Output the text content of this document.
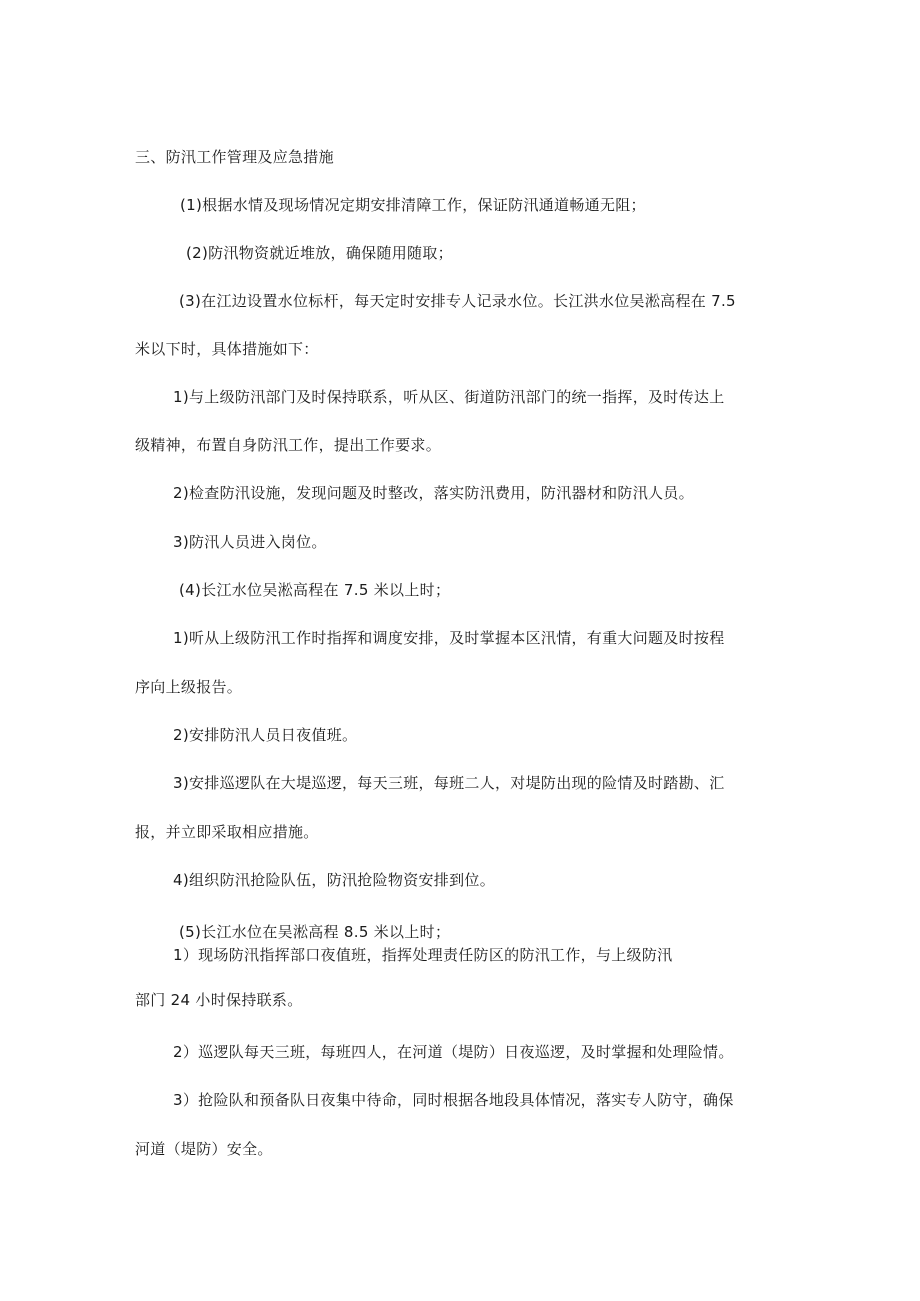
三、防汛工作管理及应急措施
(1)根据水情及现场情况定期安排清障工作，保证防汛通道畅通无阻；
(2)防汛物资就近堆放，确保随用随取；
(3)在江边设置水位标杆，每天定时安排专人记录水位。长江洪水位吴淞高程在 7.5
米以下时，具体措施如下：
1)与上级防汛部门及时保持联系，听从区、街道防汛部门的统一指挥，及时传达上
级精神，布置自身防汛工作，提出工作要求。
2)检查防汛设施，发现问题及时整改，落实防汛费用，防汛器材和防汛人员。
3)防汛人员进入岗位。
(4)长江水位吴淞高程在 7.5 米以上时；
1)听从上级防汛工作时指挥和调度安排，及时掌握本区汛情，有重大问题及时按程
序向上级报告。
2)安排防汛人员日夜值班。
3)安排巡逻队在大堤巡逻，每天三班，每班二人，对堤防出现的险情及时踏勘、汇
报，并立即采取相应措施。
4)组织防汛抢险队伍，防汛抢险物资安排到位。
(5)长江水位在吴淞高程 8.5 米以上时；
1）现场防汛指挥部口夜值班，指挥处理责任防区的防汛工作，与上级防汛
部门 24 小时保持联系。
2）巡逻队每天三班，每班四人，在河道（堤防）日夜巡逻，及时掌握和处理险情。
3）抢险队和预备队日夜集中待命，同时根据各地段具体情况，落实专人防守，确保
河道（堤防）安全。
